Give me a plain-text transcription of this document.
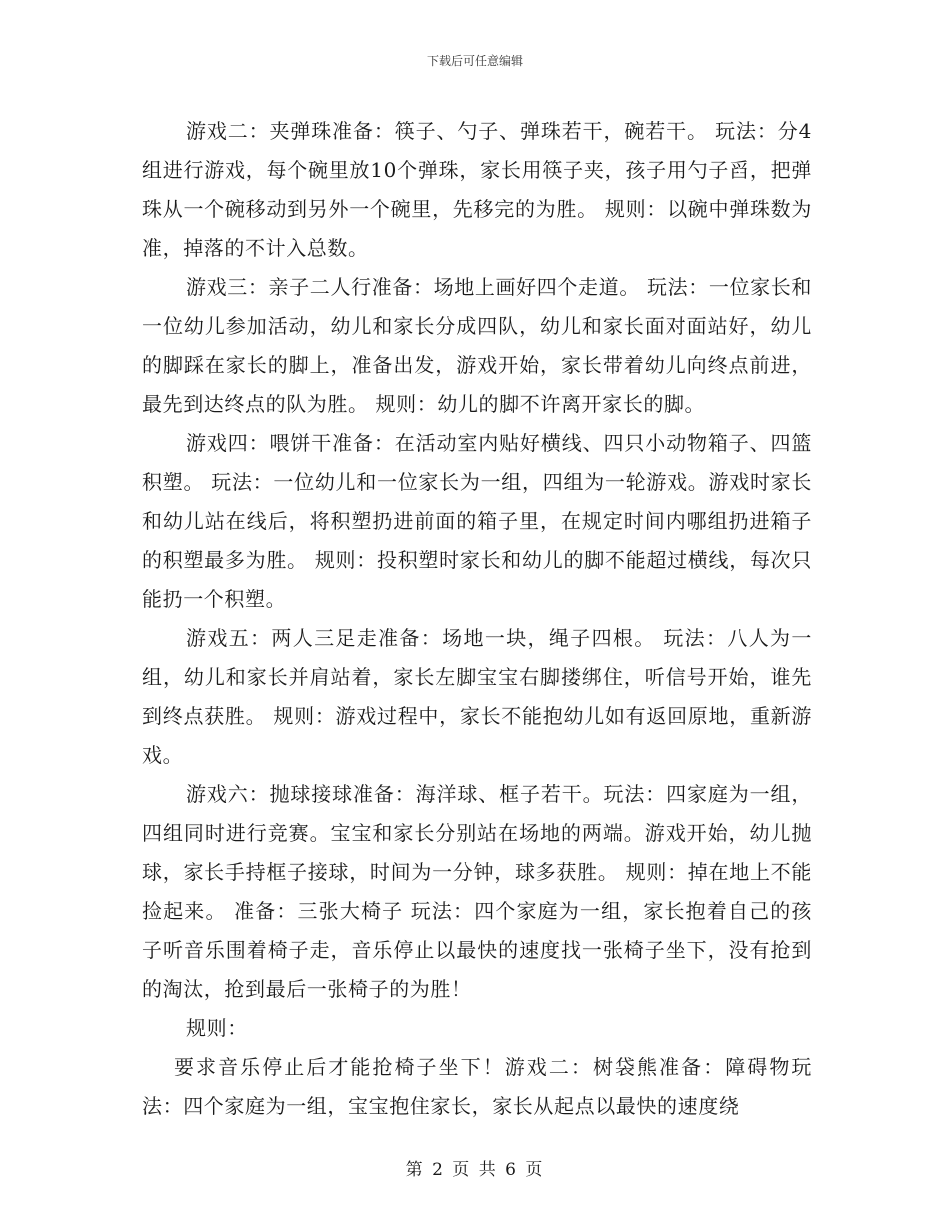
下载后可任意编辑

游戏二：夹弹珠准备：筷子、勺子、弹珠若干，碗若干。 玩法：分4组进行游戏，每个碗里放10个弹珠，家长用筷子夹，孩子用勺子舀，把弹珠从一个碗移动到另外一个碗里，先移完的为胜。 规则：以碗中弹珠数为准，掉落的不计入总数。

游戏三：亲子二人行准备：场地上画好四个走道。 玩法：一位家长和一位幼儿参加活动，幼儿和家长分成四队，幼儿和家长面对面站好，幼儿的脚踩在家长的脚上，准备出发，游戏开始，家长带着幼儿向终点前进，最先到达终点的队为胜。 规则：幼儿的脚不许离开家长的脚。

游戏四：喂饼干准备：在活动室内贴好横线、四只小动物箱子、四篮积塑。 玩法：一位幼儿和一位家长为一组，四组为一轮游戏。游戏时家长和幼儿站在线后，将积塑扔进前面的箱子里，在规定时间内哪组扔进箱子的积塑最多为胜。 规则：投积塑时家长和幼儿的脚不能超过横线，每次只能扔一个积塑。

游戏五：两人三足走准备：场地一块，绳子四根。 玩法：八人为一组，幼儿和家长并肩站着，家长左脚宝宝右脚搂绑住，听信号开始，谁先到终点获胜。 规则：游戏过程中，家长不能抱幼儿如有返回原地，重新游戏。

游戏六：抛球接球准备：海洋球、框子若干。玩法：四家庭为一组，四组同时进行竞赛。宝宝和家长分别站在场地的两端。游戏开始，幼儿抛球，家长手持框子接球，时间为一分钟，球多获胜。 规则：掉在地上不能捡起来。 准备：三张大椅子 玩法：四个家庭为一组，家长抱着自己的孩子听音乐围着椅子走，音乐停止以最快的速度找一张椅子坐下，没有抢到的淘汰，抢到最后一张椅子的为胜！

规则：

要求音乐停止后才能抢椅子坐下！游戏二：树袋熊准备：障碍物玩法：四个家庭为一组，宝宝抱住家长，家长从起点以最快的速度绕

第 2 页 共 6 页
